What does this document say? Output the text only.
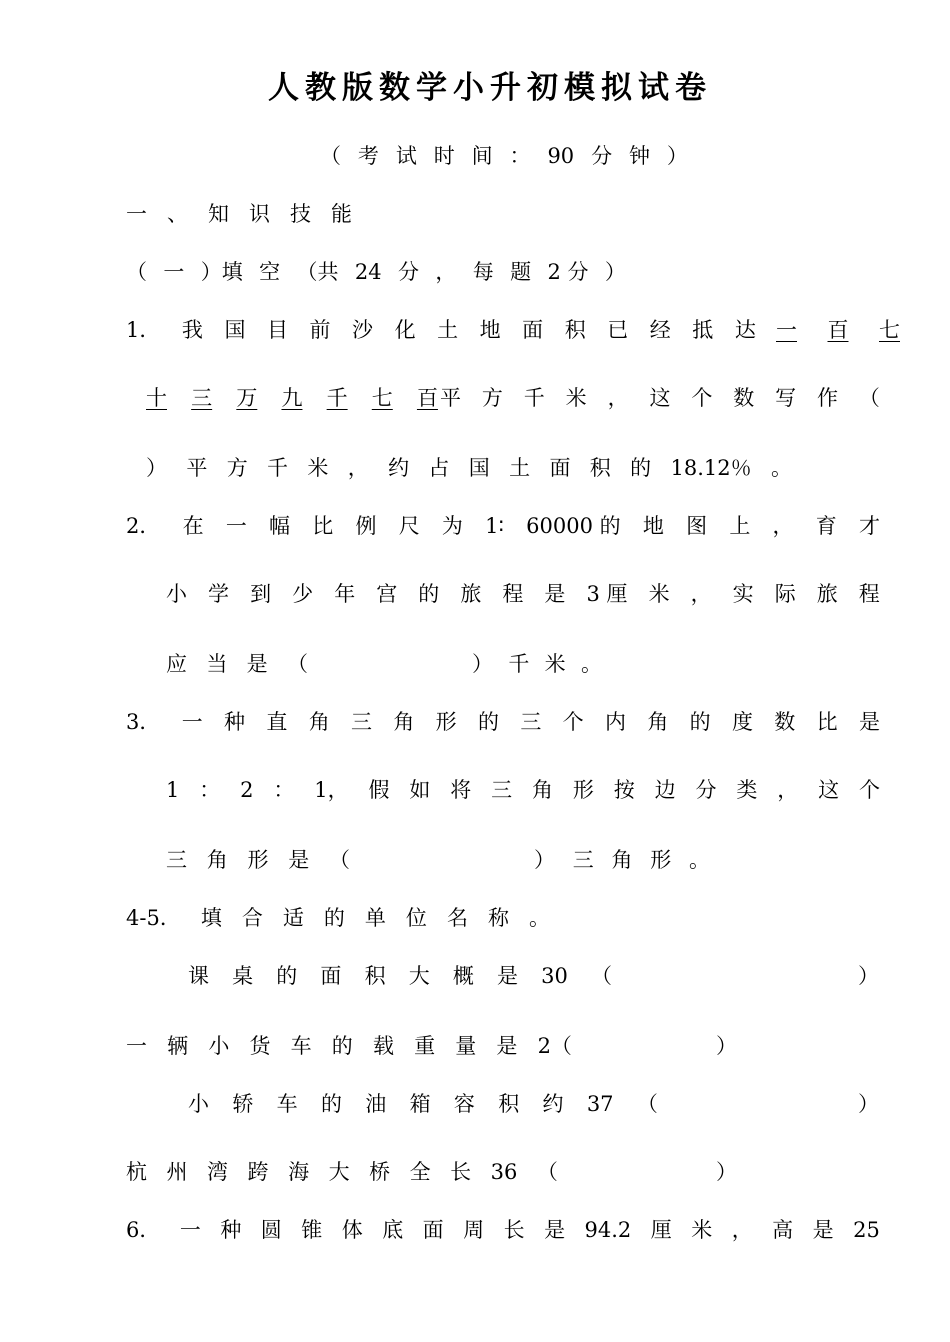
人教版数学小升初模拟试卷
（ 考 试 时 间 ： 90 分 钟 ）
一 、 知 识 技 能
（ 一 ）填 空 （共 24 分 ， 每 题 2 分 ）
1． 我 国 目 前 沙 化 土 地 面 积 已 经 抵 达 一 百 七
十 三 万 九 千 七 百 平 方 千 米 ， 这 个 数 写 作 （
） 平 方 千 米 ， 约 占 国 土 面 积 的 18.12％ 。
2． 在 一 幅 比 例 尺 为 1∶ 60000 的 地 图 上 ， 育 才
小 学 到 少 年 宫 的 旅 程 是 3 厘 米 ， 实 际 旅 程
应 当 是 （	） 千 米 。
3． 一 种 直 角 三 角 形 的 三 个 内 角 的 度 数 比 是
1 ： 2 ： 1， 假 如 将 三 角 形 按 边 分 类 ， 这 个
三 角 形 是 （	） 三 角 形 。
4-5． 填 合 适 的 单 位 名 称 。
课 桌 的 面 积 大 概 是 30 （	）
一 辆 小 货 车 的 载 重 量 是 2（	）
小 轿 车 的 油 箱 容 积 约 37 （	）
杭 州 湾 跨 海 大 桥 全 长 36 （	）
6． 一 种 圆 锥 体 底 面 周 长 是 94.2 厘 米 ， 高 是 25
